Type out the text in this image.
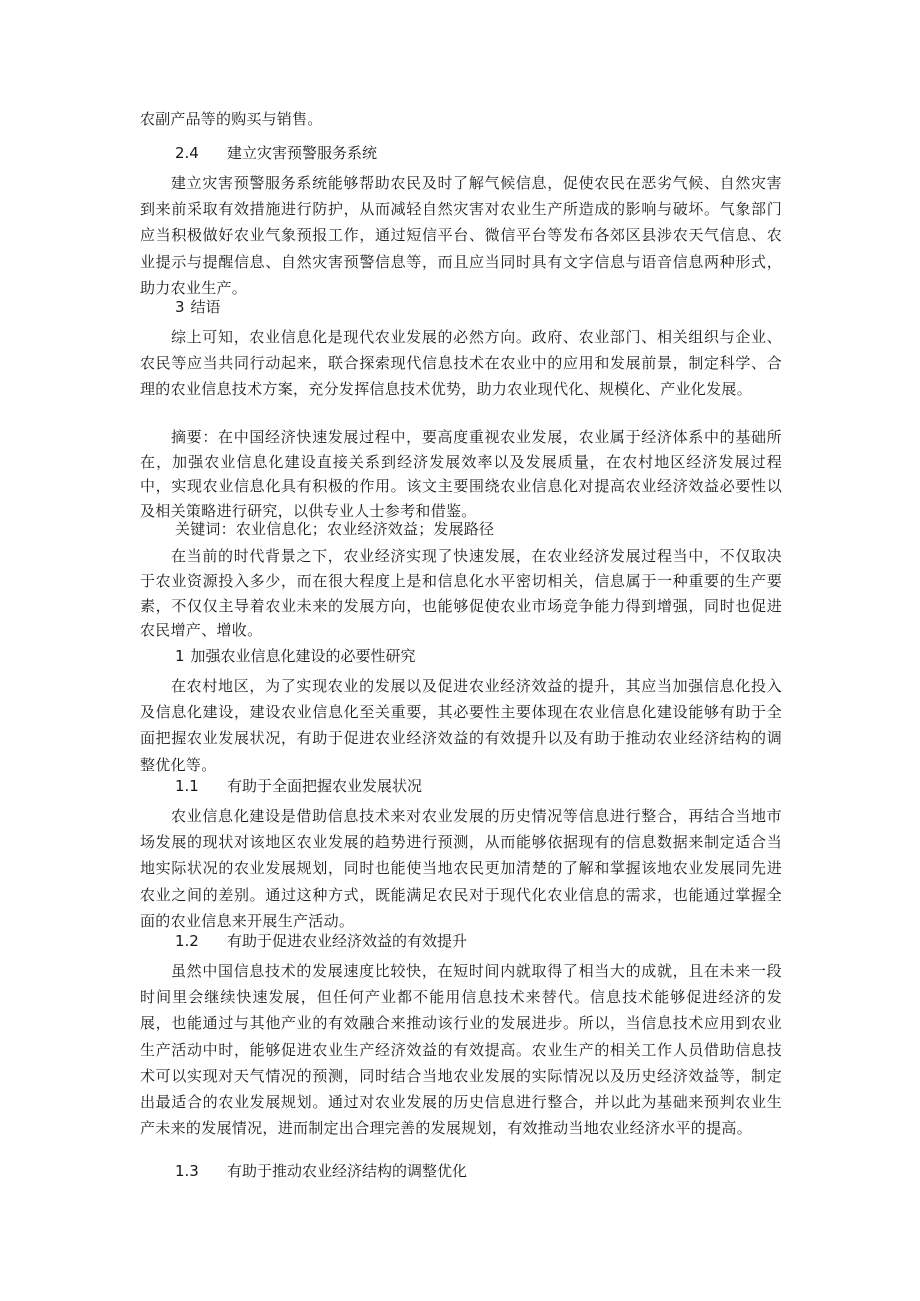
农副产品等的购买与销售。
2.4 建立灾害预警服务系统

建立灾害预警服务系统能够帮助农民及时了解气候信息，促使农民在恶劣气候、自然灾害到来前采取有效措施进行防护，从而减轻自然灾害对农业生产所造成的影响与破坏。气象部门应当积极做好农业气象预报工作，通过短信平台、微信平台等发布各郊区县涉农天气信息、农业提示与提醒信息、自然灾害预警信息等，而且应当同时具有文字信息与语音信息两种形式，助力农业生产。

3 结语

综上可知，农业信息化是现代农业发展的必然方向。政府、农业部门、相关组织与企业、农民等应当共同行动起来，联合探索现代信息技术在农业中的应用和发展前景，制定科学、合理的农业信息技术方案，充分发挥信息技术优势，助力农业现代化、规模化、产业化发展。

摘要：在中国经济快速发展过程中，要高度重视农业发展，农业属于经济体系中的基础所在，加强农业信息化建设直接关系到经济发展效率以及发展质量，在农村地区经济发展过程中，实现农业信息化具有积极的作用。该文主要围绕农业信息化对提高农业经济效益必要性以及相关策略进行研究，以供专业人士参考和借鉴。

关键词：农业信息化；农业经济效益；发展路径

在当前的时代背景之下，农业经济实现了快速发展，在农业经济发展过程当中，不仅取决于农业资源投入多少，而在很大程度上是和信息化水平密切相关，信息属于一种重要的生产要素，不仅仅主导着农业未来的发展方向，也能够促使农业市场竞争能力得到增强，同时也促进农民增产、增收。

1 加强农业信息化建设的必要性研究

在农村地区，为了实现农业的发展以及促进农业经济效益的提升，其应当加强信息化投入及信息化建设，建设农业信息化至关重要，其必要性主要体现在农业信息化建设能够有助于全面把握农业发展状况，有助于促进农业经济效益的有效提升以及有助于推动农业经济结构的调整优化等。

1.1 有助于全面把握农业发展状况

农业信息化建设是借助信息技术来对农业发展的历史情况等信息进行整合，再结合当地市场发展的现状对该地区农业发展的趋势进行预测，从而能够依据现有的信息数据来制定适合当地实际状况的农业发展规划，同时也能使当地农民更加清楚的了解和掌握该地农业发展同先进农业之间的差别。通过这种方式，既能满足农民对于现代化农业信息的需求，也能通过掌握全面的农业信息来开展生产活动。

1.2 有助于促进农业经济效益的有效提升

虽然中国信息技术的发展速度比较快，在短时间内就取得了相当大的成就，且在未来一段时间里会继续快速发展，但任何产业都不能用信息技术来替代。信息技术能够促进经济的发展，也能通过与其他产业的有效融合来推动该行业的发展进步。所以，当信息技术应用到农业生产活动中时，能够促进农业生产经济效益的有效提高。农业生产的相关工作人员借助信息技术可以实现对天气情况的预测，同时结合当地农业发展的实际情况以及历史经济效益等，制定出最适合的农业发展规划。通过对农业发展的历史信息进行整合，并以此为基础来预判农业生产未来的发展情况，进而制定出合理完善的发展规划，有效推动当地农业经济水平的提高。

1.3 有助于推动农业经济结构的调整优化
